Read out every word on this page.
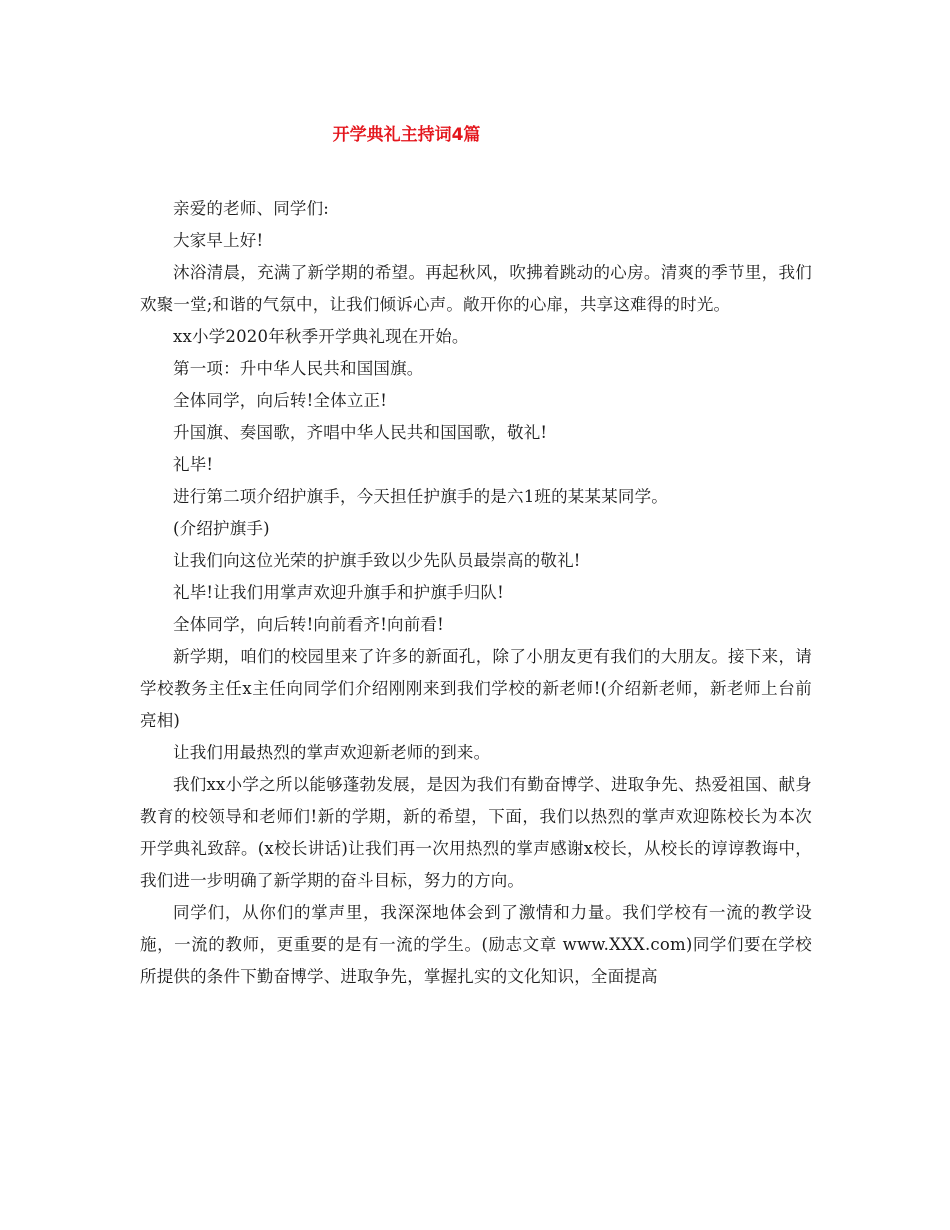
开学典礼主持词4篇

亲爱的老师、同学们:

大家早上好!

沐浴清晨，充满了新学期的希望。再起秋风，吹拂着跳动的心房。清爽的季节里，我们欢聚一堂;和谐的气氛中，让我们倾诉心声。敞开你的心扉，共享这难得的时光。

xx小学2020年秋季开学典礼现在开始。

第一项：升中华人民共和国国旗。

全体同学，向后转!全体立正!

升国旗、奏国歌，齐唱中华人民共和国国歌，敬礼!

礼毕!

进行第二项介绍护旗手，今天担任护旗手的是六1班的某某某同学。

(介绍护旗手)

让我们向这位光荣的护旗手致以少先队员最崇高的敬礼!

礼毕!让我们用掌声欢迎升旗手和护旗手归队!

全体同学，向后转!向前看齐!向前看!

新学期，咱们的校园里来了许多的新面孔，除了小朋友更有我们的大朋友。接下来，请学校教务主任x主任向同学们介绍刚刚来到我们学校的新老师!(介绍新老师，新老师上台前亮相)

让我们用最热烈的掌声欢迎新老师的到来。

我们xx小学之所以能够蓬勃发展，是因为我们有勤奋博学、进取争先、热爱祖国、献身教育的校领导和老师们!新的学期，新的希望，下面，我们以热烈的掌声欢迎陈校长为本次开学典礼致辞。(x校长讲话)让我们再一次用热烈的掌声感谢x校长，从校长的谆谆教诲中，我们进一步明确了新学期的奋斗目标，努力的方向。

同学们，从你们的掌声里，我深深地体会到了激情和力量。我们学校有一流的教学设施，一流的教师，更重要的是有一流的学生。(励志文章 www.XXX.com)同学们要在学校所提供的条件下勤奋博学、进取争先，掌握扎实的文化知识，全面提高
